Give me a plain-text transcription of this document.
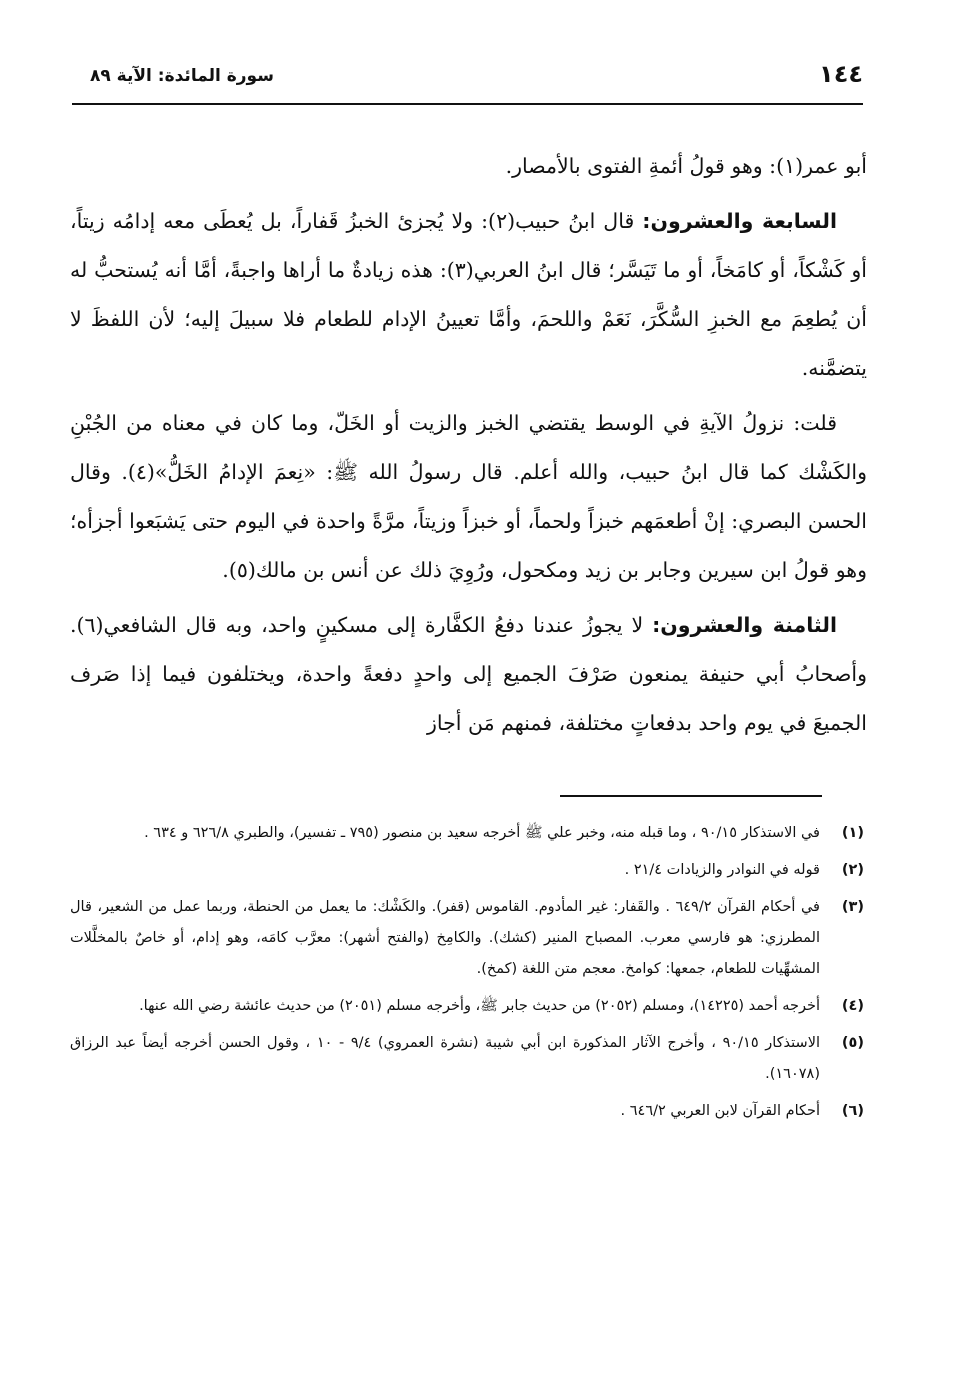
سورة المائدة: الآية ٨٩	١٤٤

أبو عمر(١): وهو قولُ أئمةِ الفتوى بالأمصار.

السابعة والعشرون: قال ابنُ حبيب(٢): ولا يُجزئ الخبزُ قَفاراً، بل يُعطَى معه إدامُه زيتاً، أو كَشْكاً، أو كامَخاً، أو ما تَيَسَّر؛ قال ابنُ العربي(٣): هذه زيادةٌ ما أراها واجبةً، أمَّا أنه يُستحبُّ له أن يُطعِمَ مع الخبزِ السُّكَّرَ، نَعَمْ واللحمَ، وأمَّا تعيينُ الإدام للطعام فلا سبيلَ إليه؛ لأن اللفظَ لا يتضمَّنه.

قلت: نزولُ الآيةِ في الوسط يقتضي الخبز والزيت أو الخَلّ، وما كان في معناه من الجُبْنِ والكَشْك كما قال ابنُ حبيب، والله أعلم. قال رسولُ الله ﷺ: «نِعمَ الإدامُ الخَلُّ»(٤). وقال الحسن البصري: إنْ أطعمَهم خبزاً ولحماً، أو خبزاً وزيتاً، مرَّةً واحدة في اليوم حتى يَشبَعوا أجزأه؛ وهو قولُ ابن سيرين وجابر بن زيد ومكحول، ورُوِيَ ذلك عن أنس بن مالك(٥).

الثامنة والعشرون: لا يجوزُ عندنا دفعُ الكفَّارة إلى مسكينٍ واحد، وبه قال الشافعي(٦). وأصحابُ أبي حنيفة يمنعون صَرْفَ الجميع إلى واحدٍ دفعةً واحدة، ويختلفون فيما إذا صَرف الجميعَ في يوم واحد بدفعاتٍ مختلفة، فمنهم مَن أجاز

(١)
في الاستذكار ٩٠/١٥ ، وما قبله منه، وخبر علي ﷺ أخرجه سعيد بن منصور (٧٩٥ ـ تفسير)، والطبري ٦٢٦/٨ و ٦٣٤ .
(٢)
قوله في النوادر والزيادات ٢١/٤ .
(٣)
في أحكام القرآن ٦٤٩/٢ . والقَفار: غير المأدوم. القاموس (قفر). والكَشْك: ما يعمل من الحنطة، وربما عمل من الشعير، قال المطرزي: هو فارسي معرب. المصباح المنير (كشك). والكامِخ (والفتح أشهر): معرَّب كامَه، وهو إدام، أو خاصٌ بالمخلَّلات المشهِّيات للطعام، جمعها: كوامخ. معجم متن اللغة (كمخ).
(٤)
أخرجه أحمد (١٤٢٢٥)، ومسلم (٢٠٥٢) من حديث جابر ﷺ، وأخرجه مسلم (٢٠٥١) من حديث عائشة رضي الله عنها.
(٥)
الاستذكار ٩٠/١٥ ، وأخرج الآثار المذكورة ابن أبي شيبة (نشرة العمروي) ٩/٤ - ١٠ ، وقول الحسن أخرجه أيضاً عبد الرزاق (١٦٠٧٨).
(٦)
أحكام القرآن لابن العربي ٦٤٦/٢ .
